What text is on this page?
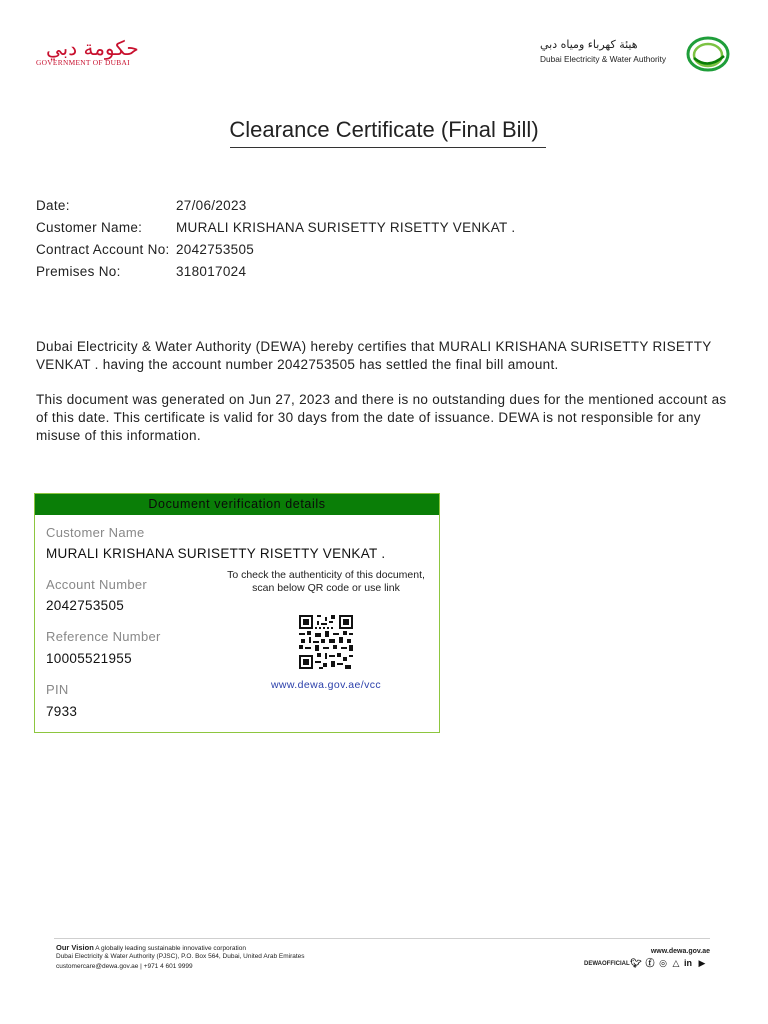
حكومة دبي
GOVERNMENT OF DUBAI
هيئة كهرباء ومياه دبي
Dubai Electricity & Water Authority
Clearance Certificate (Final Bill)
Date:	27/06/2023
Customer Name:	MURALI KRISHANA SURISETTY RISETTY VENKAT .
Contract Account No: 2042753505
Premises No:	318017024

Dubai Electricity & Water Authority (DEWA) hereby certifies that MURALI KRISHANA SURISETTY RISETTY VENKAT . having the account number 2042753505 has settled the final bill amount.

This document was generated on Jun 27, 2023 and there is no outstanding dues for the mentioned account as of this date. This certificate is valid for 30 days from the date of issuance. DEWA is not responsible for any misuse of this information.

Document verification details
Customer Name
MURALI KRISHANA SURISETTY RISETTY VENKAT .
Account Number
2042753505
Reference Number
10005521955
PIN
7933
To check the authenticity of this document,
scan below QR code or use link
www.dewa.gov.ae/vcc
Our Vision A globally leading sustainable innovative corporation
Dubai Electricity & Water Authority (PJSC), P.O. Box 564, Dubai, United Arab Emirates
customercare@dewa.gov.ae | +971 4 601 9999
www.dewa.gov.ae
DEWAOFFICIAL 🐦︎ ⓕ ◎ △ in ▶
